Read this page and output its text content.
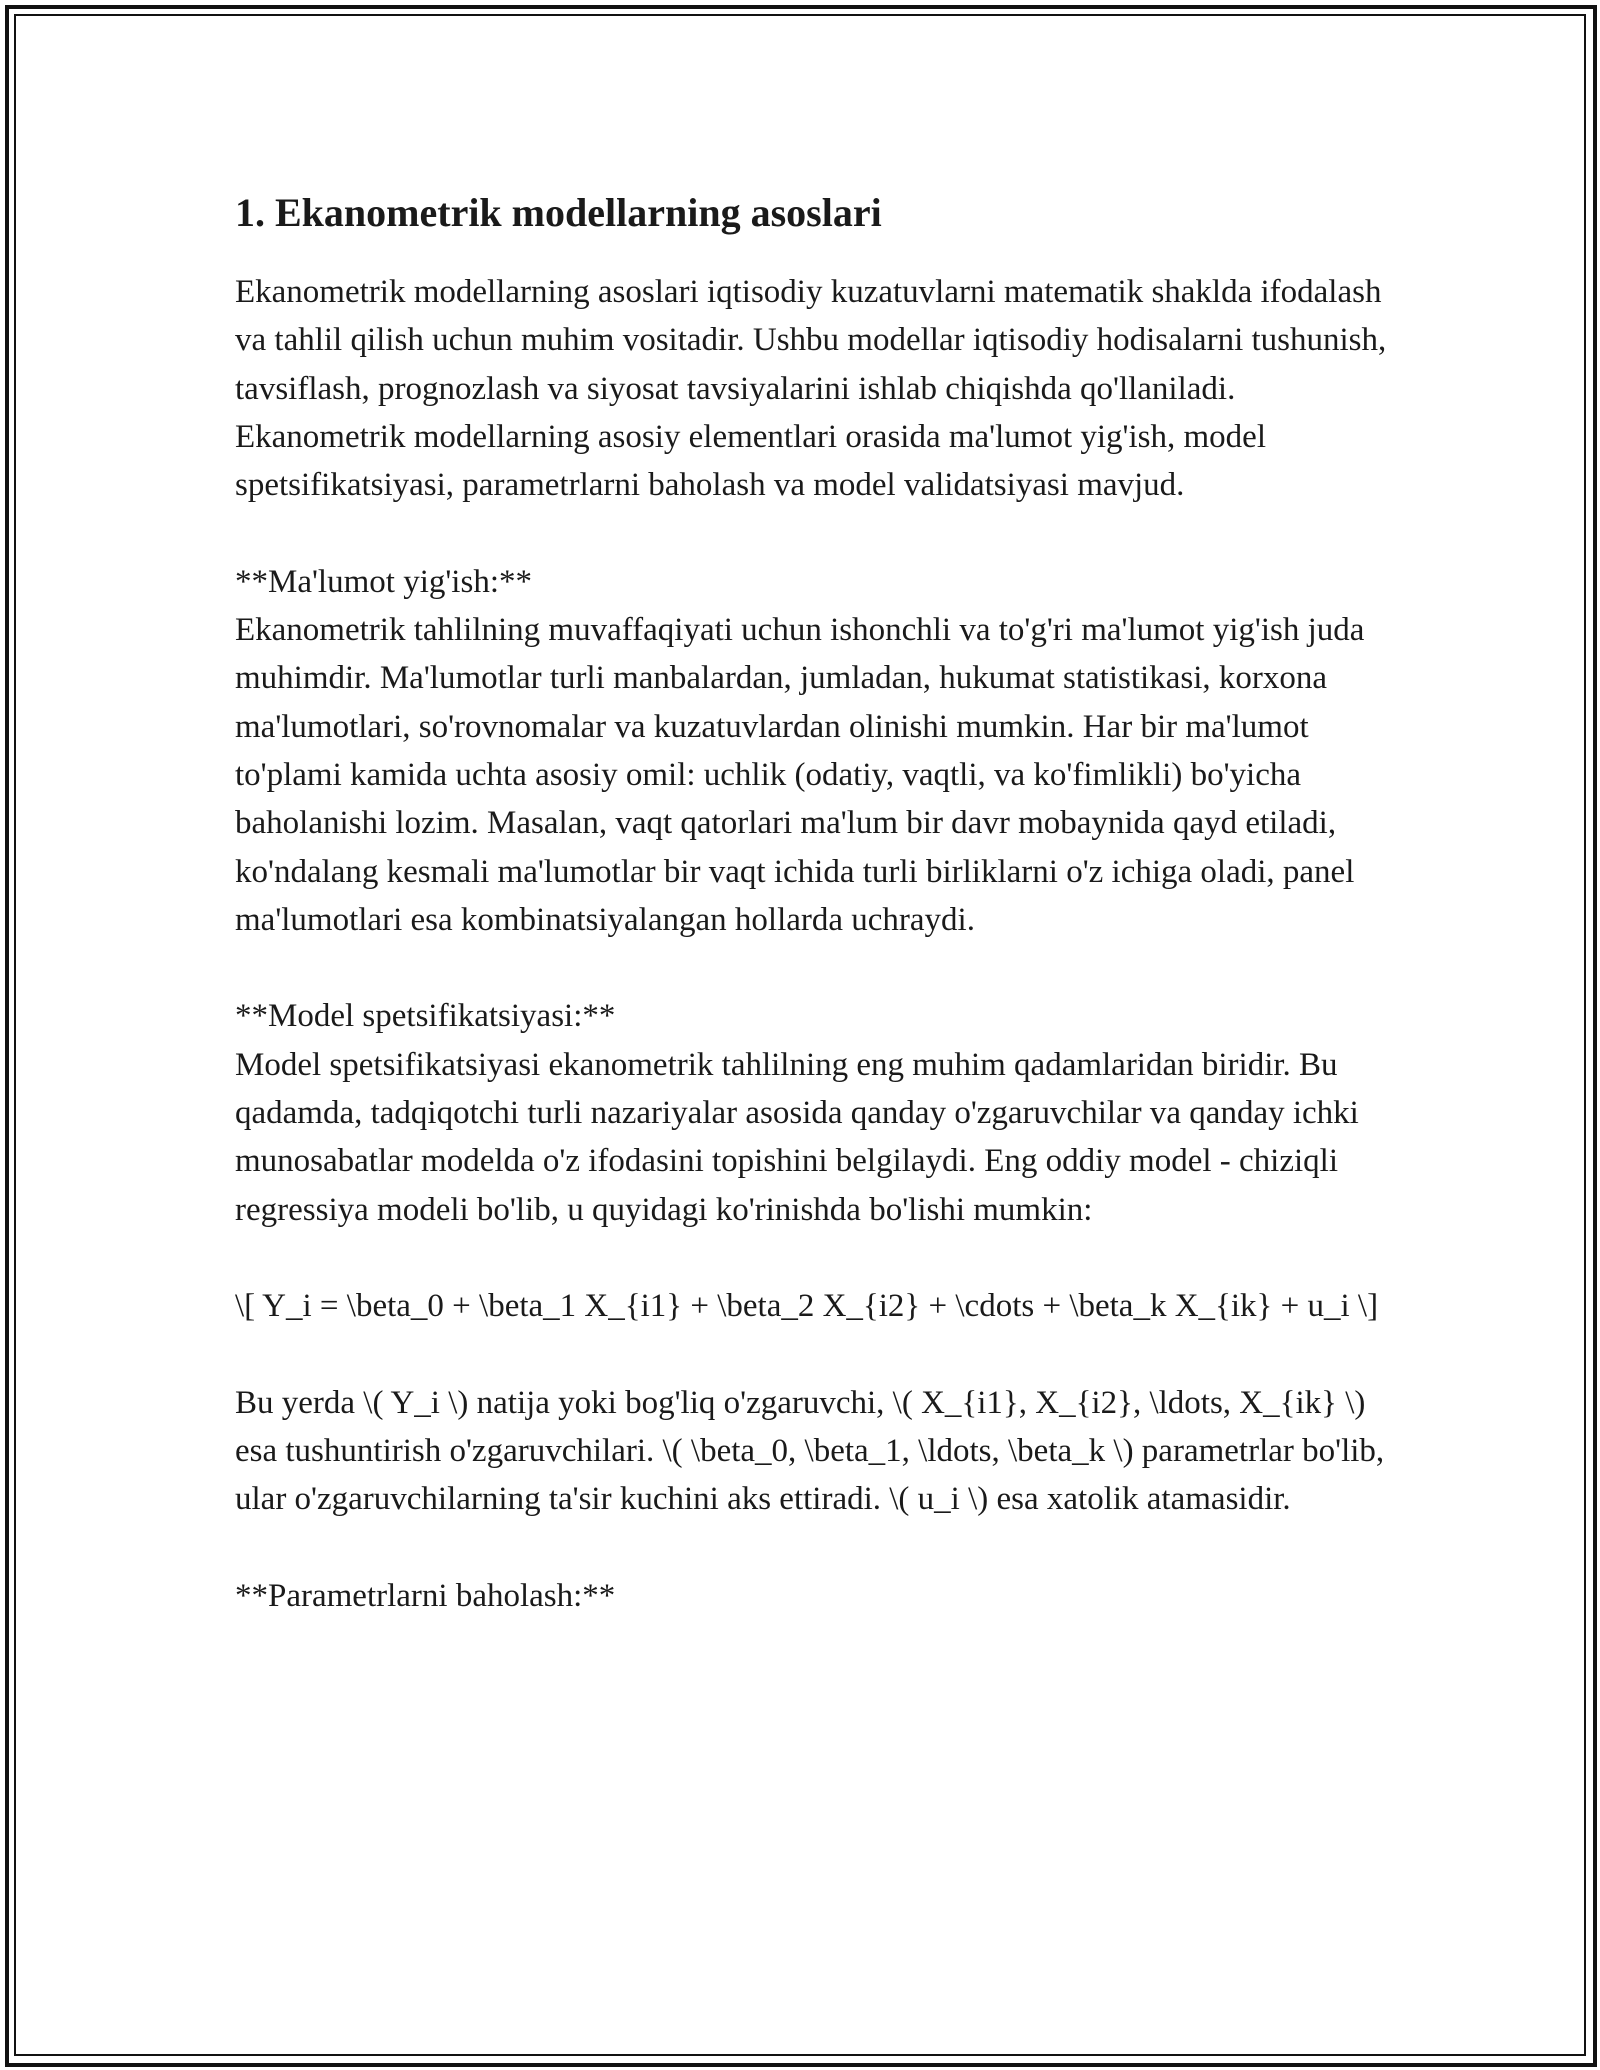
1. Ekanometrik modellarning asoslari

Ekanometrik modellarning asoslari iqtisodiy kuzatuvlarni matematik shaklda ifodalash va tahlil qilish uchun muhim vositadir. Ushbu modellar iqtisodiy hodisalarni tushunish, tavsiflash, prognozlash va siyosat tavsiyalarini ishlab chiqishda qo'llaniladi. Ekanometrik modellarning asosiy elementlari orasida ma'lumot yig'ish, model spetsifikatsiyasi, parametrlarni baholash va model validatsiyasi mavjud.

**Ma'lumot yig'ish:**

Ekanometrik tahlilning muvaffaqiyati uchun ishonchli va to'g'ri ma'lumot yig'ish juda muhimdir. Ma'lumotlar turli manbalardan, jumladan, hukumat statistikasi, korxona ma'lumotlari, so'rovnomalar va kuzatuvlardan olinishi mumkin. Har bir ma'lumot to'plami kamida uchta asosiy omil: uchlik (odatiy, vaqtli, va ko'fimlikli) bo'yicha baholanishi lozim. Masalan, vaqt qatorlari ma'lum bir davr mobaynida qayd etiladi, ko'ndalang kesmali ma'lumotlar bir vaqt ichida turli birliklarni o'z ichiga oladi, panel ma'lumotlari esa kombinatsiyalangan hollarda uchraydi.

**Model spetsifikatsiyasi:**

Model spetsifikatsiyasi ekanometrik tahlilning eng muhim qadamlaridan biridir. Bu qadamda, tadqiqotchi turli nazariyalar asosida qanday o'zgaruvchilar va qanday ichki munosabatlar modelda o'z ifodasini topishini belgilaydi. Eng oddiy model - chiziqli regressiya modeli bo'lib, u quyidagi ko'rinishda bo'lishi mumkin:

\[ Y_i = \beta_0 + \beta_1 X_{i1} + \beta_2 X_{i2} + \cdots + \beta_k X_{ik} + u_i \]

Bu yerda \( Y_i \) natija yoki bog'liq o'zgaruvchi, \( X_{i1}, X_{i2}, \ldots, X_{ik} \) esa tushuntirish o'zgaruvchilari. \( \beta_0, \beta_1, \ldots, \beta_k \) parametrlar bo'lib, ular o'zgaruvchilarning ta'sir kuchini aks ettiradi. \( u_i \) esa xatolik atamasidir.

**Parametrlarni baholash:**
